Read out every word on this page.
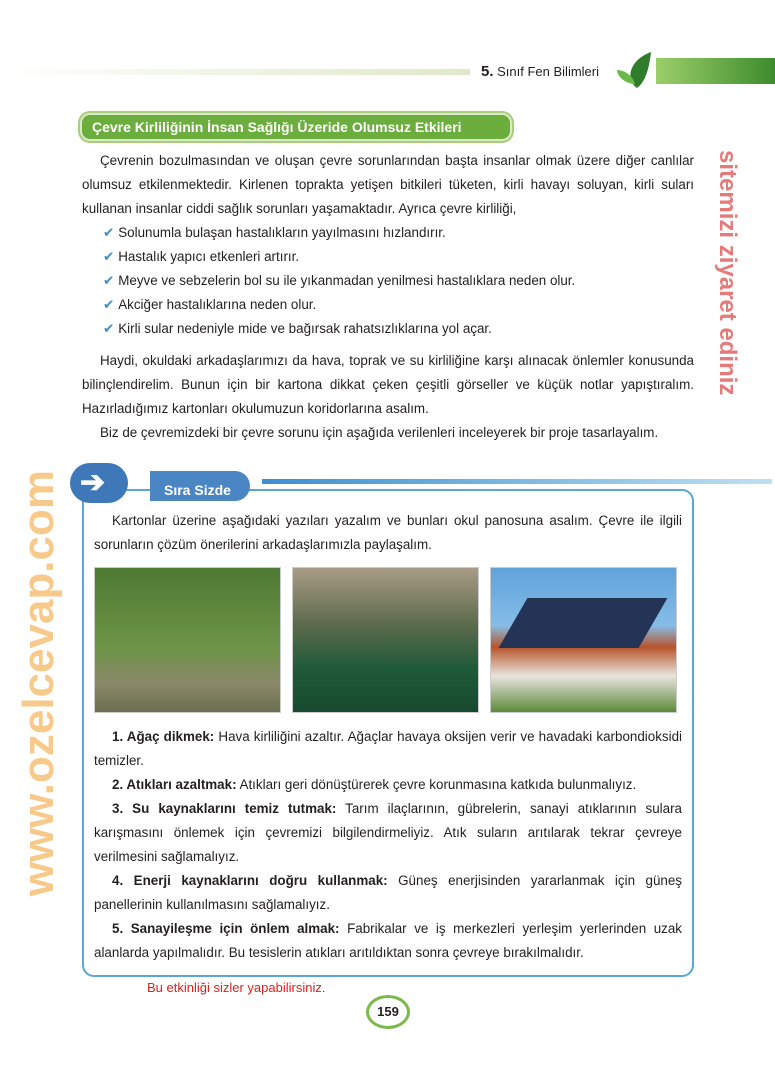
5. Sınıf Fen Bilimleri
Çevre Kirliliğinin İnsan Sağlığı Üzeride Olumsuz Etkileri

Çevrenin bozulmasından ve oluşan çevre sorunlarından başta insanlar olmak üzere diğer canlılar olumsuz etkilenmektedir. Kirlenen toprakta yetişen bitkileri tüketen, kirli havayı soluyan, kirli suları kullanan insanlar ciddi sağlık sorunları yaşamaktadır. Ayrıca çevre kirliliği,

✔ Solunumla bulaşan hastalıkların yayılmasını hızlandırır.
✔ Hastalık yapıcı etkenleri artırır.
✔ Meyve ve sebzelerin bol su ile yıkanmadan yenilmesi hastalıklara neden olur.
✔ Akciğer hastalıklarına neden olur.
✔ Kirli sular nedeniyle mide ve bağırsak rahatsızlıklarına yol açar.

Haydi, okuldaki arkadaşlarımızı da hava, toprak ve su kirliliğine karşı alınacak önlemler konusunda bilinçlendirelim. Bunun için bir kartona dikkat çeken çeşitli görseller ve küçük notlar yapıştıralım. Hazırladığımız kartonları okulumuzun koridorlarına asalım.

Biz de çevremizdeki bir çevre sorunu için aşağıda verilenleri inceleyerek bir proje tasarlayalım.

Kartonlar üzerine aşağıdaki yazıları yazalım ve bunları okul panosuna asalım. Çevre ile ilgili sorunların çözüm önerilerini arkadaşlarımızla paylaşalım.

1. Ağaç dikmek: Hava kirliliğini azaltır. Ağaçlar havaya oksijen verir ve havadaki karbondioksidi temizler.

2. Atıkları azaltmak: Atıkları geri dönüştürerek çevre korunmasına katkıda bulunmalıyız.

3. Su kaynaklarını temiz tutmak: Tarım ilaçlarının, gübrelerin, sanayi atıklarının sulara karışmasını önlemek için çevremizi bilgilendirmeliyiz. Atık suların arıtılarak tekrar çevreye verilmesini sağlamalıyız.

4. Enerji kaynaklarını doğru kullanmak: Güneş enerjisinden yararlanmak için güneş panellerinin kullanılmasını sağlamalıyız.

5. Sanayileşme için önlem almak: Fabrikalar ve iş merkezleri yerleşim yerlerinden uzak alanlarda yapılmalıdır. Bu tesislerin atıkları arıtıldıktan sonra çevreye bırakılmalıdır.

Sıra Sizde
➔
Bu etkinliği sizler yapabilirsiniz.
159
www.ozelcevap.com
sitemizi ziyaret ediniz
